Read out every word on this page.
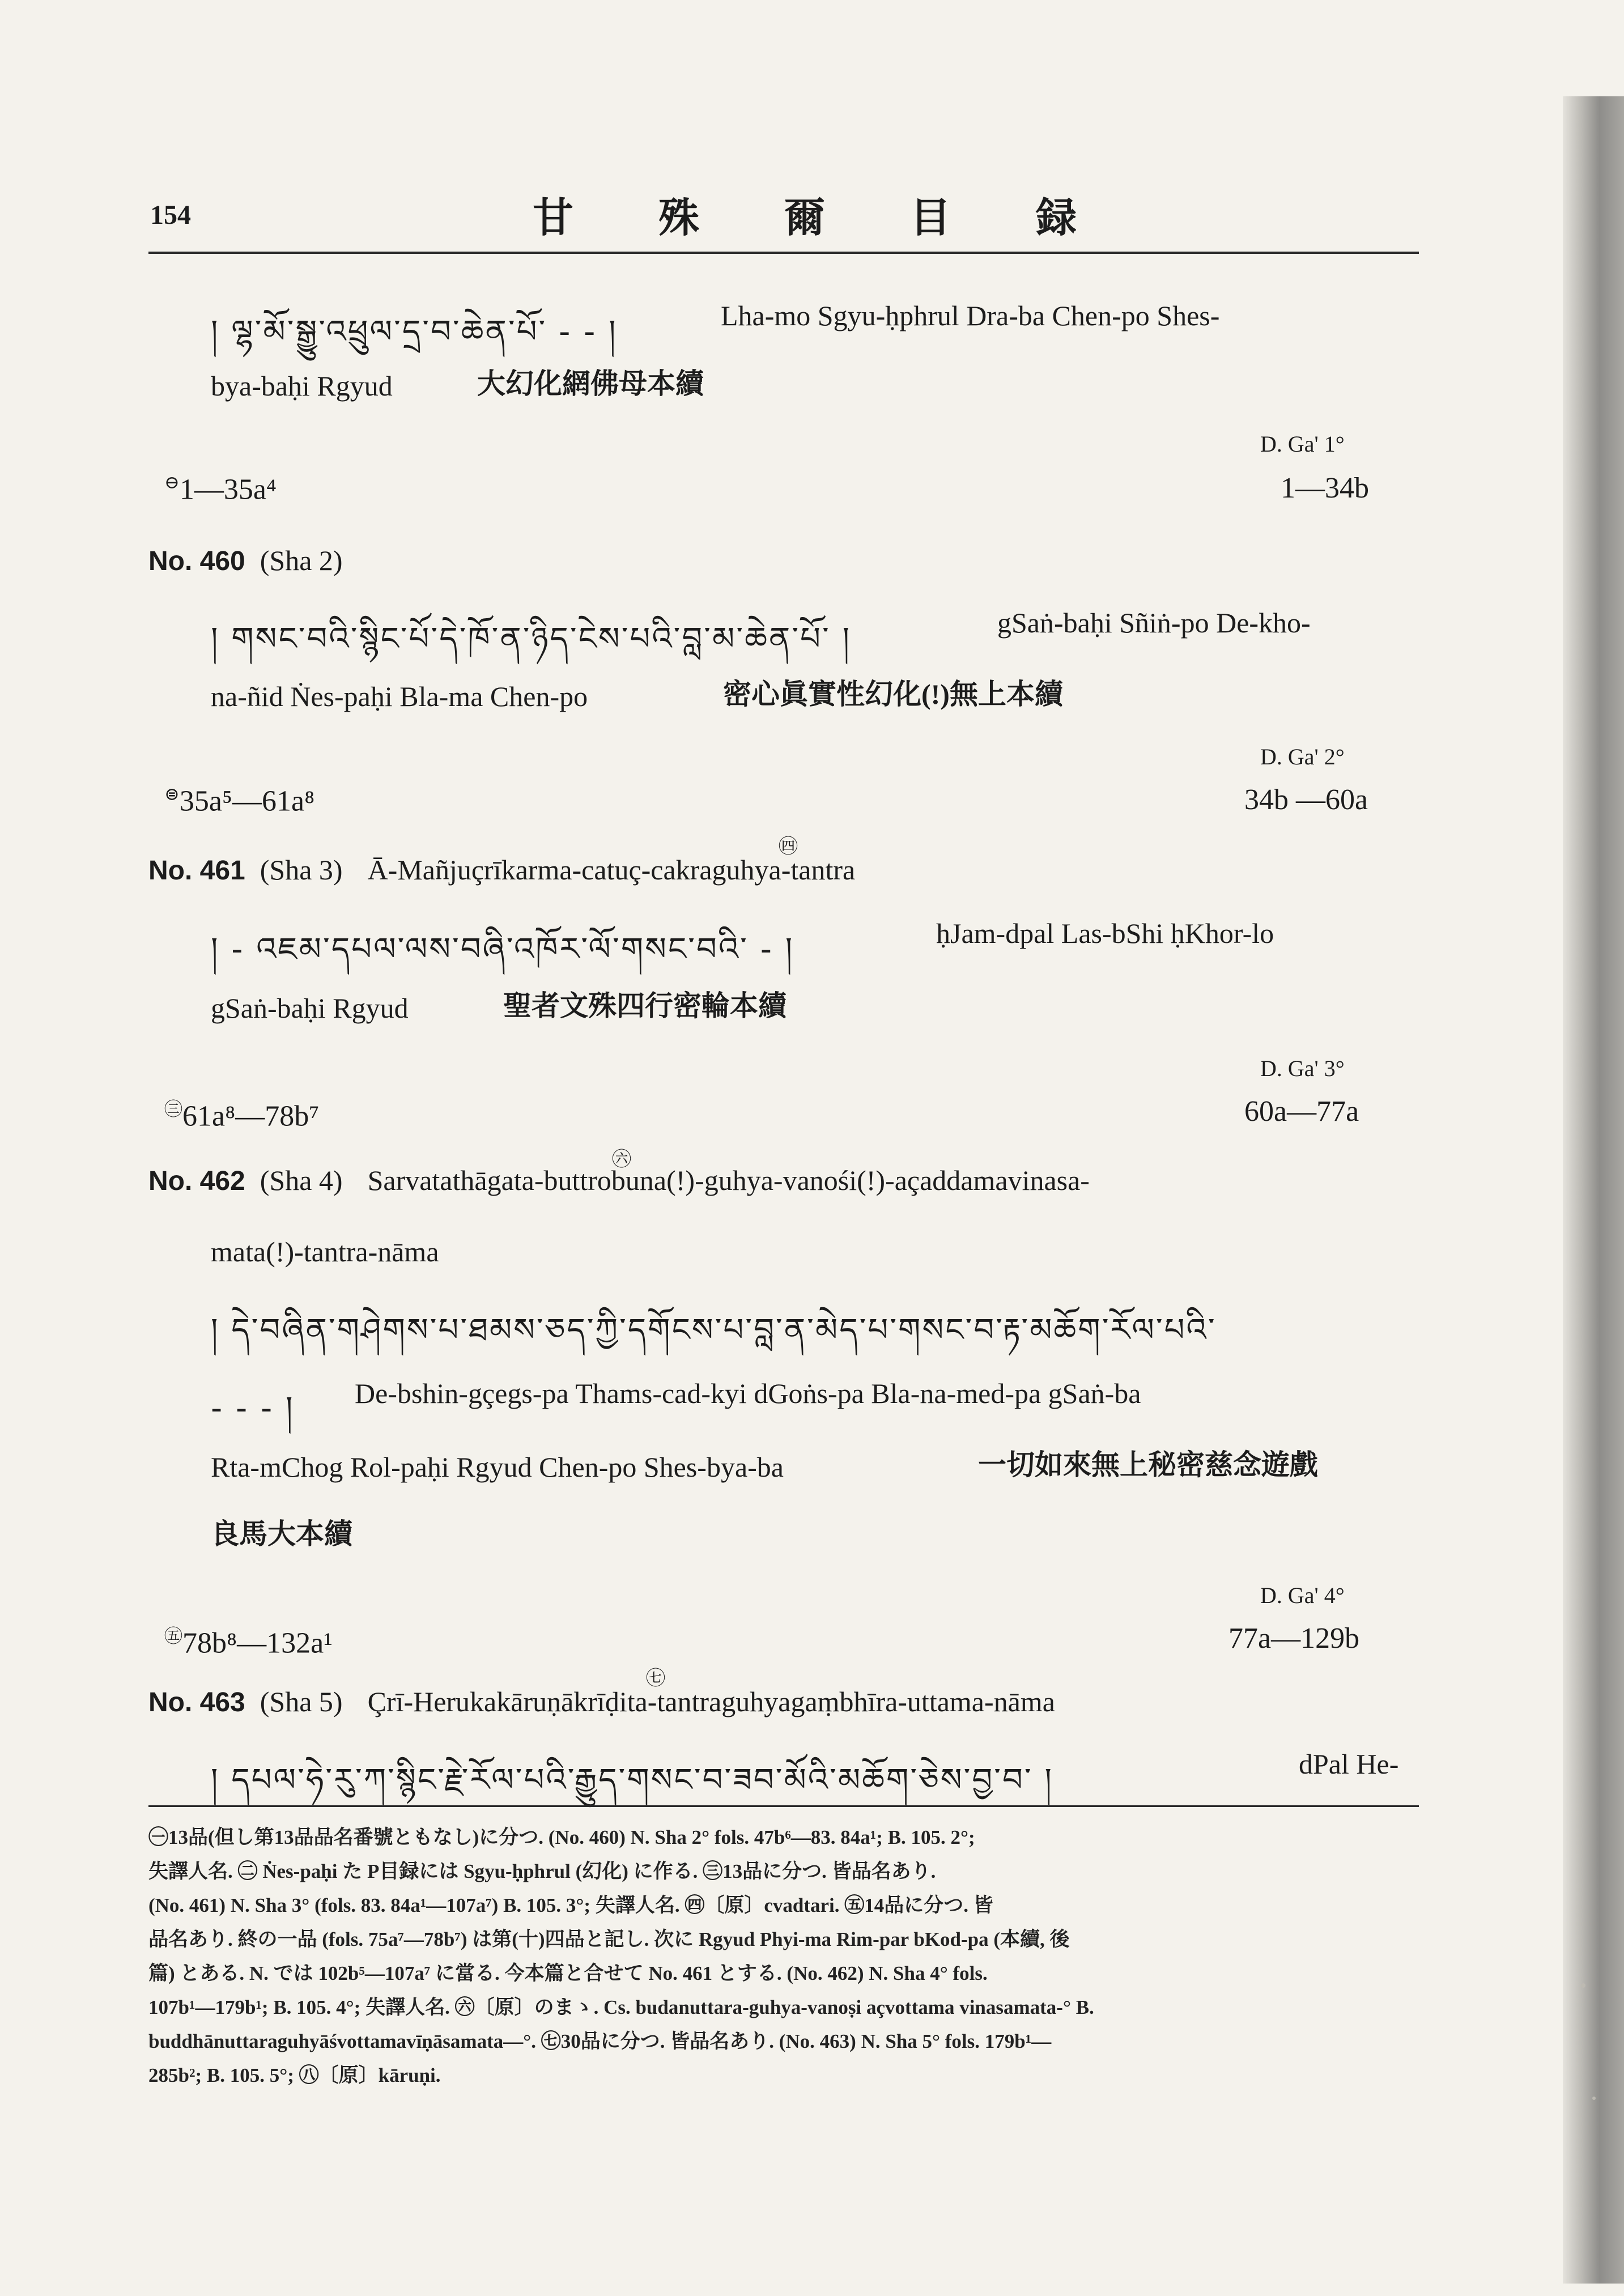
154	甘殊爾目録
། ལྷ་མོ་སྒྱུ་འཕྲུལ་དྲ་བ་ཆེན་པོ་ - - །	Lha-mo Sgyu-ḥphrul Dra-ba Chen-po Shes-
bya-baḥi Rgyud	大幻化網佛母本續
D. Ga' 1°
⊖1—35a⁴	1—34b
No. 460 (Sha 2)
། གསང་བའི་སྙིང་པོ་དེ་ཁོ་ན་ཉིད་ངེས་པའི་བླ་མ་ཆེན་པོ་ །	gSaṅ-baḥi Sñiṅ-po De-kho-
na-ñid Ṅes-paḥi Bla-ma Chen-po	密心眞實性幻化(!)無上本續
D. Ga' 2°
⊜35a⁵—61a⁸	34b —60a
㊃
No. 461 (Sha 3) Ā-Mañjuçrīkarma-catuç-cakraguhya-tantra
། - འཇམ་དཔལ་ལས་བཞི་འཁོར་ལོ་གསང་བའི་ - །	ḥJam-dpal Las-bShi ḥKhor-lo
gSaṅ-baḥi Rgyud	聖者文殊四行密輪本續
D. Ga' 3°
$^㊂$61a⁸—78b⁷	60a—77a
㊅
No. 462 (Sha 4) Sarvatathāgata-buttrobuna(!)-guhya-vanośi(!)-açaddamavinasa-
mata(!)-tantra-nāma
། དེ་བཞིན་གཤེགས་པ་ཐམས་ཅད་ཀྱི་དགོངས་པ་བླ་ན་མེད་པ་གསང་བ་རྟ་མཆོག་རོལ་པའི་
- - - ། De-bshin-gçegs-pa Thams-cad-kyi dGoṅs-pa Bla-na-med-pa gSaṅ-ba
Rta-mChog Rol-paḥi Rgyud Chen-po Shes-bya-ba	一切如來無上秘密慈念遊戲
良馬大本續
D. Ga' 4°
$^㊄$78b⁸—132a¹	77a—129b
㊆
No. 463 (Sha 5) Çrī-Herukakāruṇākrīḍita-tantraguhyagaṃbhīra-uttama-nāma
། དཔལ་ཧེ་རུ་ཀ་སྙིང་རྗེ་རོལ་པའི་རྒྱུད་གསང་བ་ཟབ་མོའི་མཆོག་ཅེས་བྱ་བ་ །	dPal He-
㊀13品(但し第13品品名番號ともなし)に分つ. (No. 460) N. Sha 2° fols. 47b⁶—83. 84a¹; B. 105. 2°;
失譯人名. ㊁ Ṅes-paḥi た P目録には Sgyu-ḥphrul (幻化) に作る. ㊂13品に分つ. 皆品名あり.
(No. 461) N. Sha 3° (fols. 83. 84a¹—107a⁷) B. 105. 3°; 失譯人名. ㊃〔原〕cvadtari. ㊄14品に分つ. 皆
品名あり. 終の一品 (fols. 75a⁷—78b⁷) は第(十)四品と記し. 次に Rgyud Phyi-ma Rim-par bKod-pa (本續, 後
篇) とある. N. では 102b⁵—107a⁷ に當る. 今本篇と合せて No. 461 とする. (No. 462) N. Sha 4° fols.
107b¹—179b¹; B. 105. 4°; 失譯人名. ㊅〔原〕のまゝ. Cs. budanuttara-guhya-vanoṣi açvottama vinasamata-° B.
buddhānuttaraguhyāśvottamavīṇāsamata—°. ㊆30品に分つ. 皆品名あり. (No. 463) N. Sha 5° fols. 179b¹—
285b²; B. 105. 5°; ㊇〔原〕kāruṇi.
